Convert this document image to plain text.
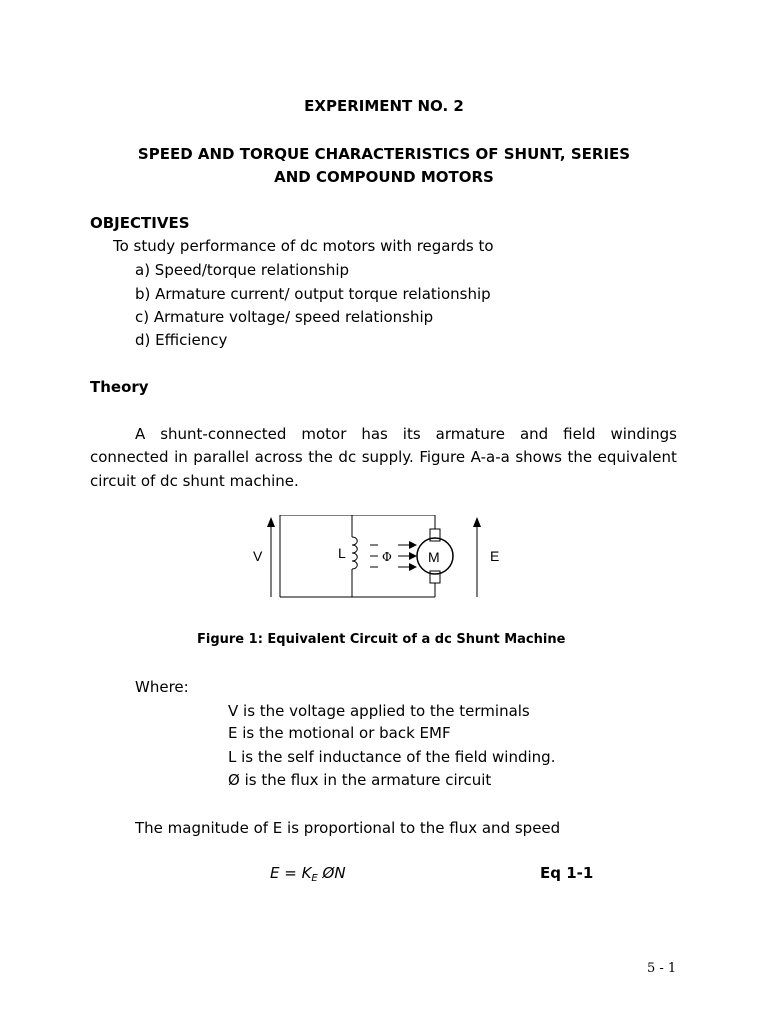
EXPERIMENT NO. 2
SPEED AND TORQUE CHARACTERISTICS OF SHUNT, SERIES
AND COMPOUND MOTORS
OBJECTIVES
To study performance of dc motors with regards to
a) Speed/torque relationship
b) Armature current/ output torque relationship
c) Armature voltage/ speed relationship
d) Efficiency
Theory
A shunt-connected motor has its armature and field windings
connected in parallel across the dc supply. Figure A-a-a shows the equivalent
circuit of dc shunt machine.
V	L	Φ	M	E
Figure 1: Equivalent Circuit of a dc Shunt Machine
Where:
V is the voltage applied to the terminals
E is the motional or back EMF
L is the self inductance of the field winding.
Ø is the flux in the armature circuit
The magnitude of E is proportional to the flux and speed
$E = K_E$ ØN	Eq 1-1
5 - 1
